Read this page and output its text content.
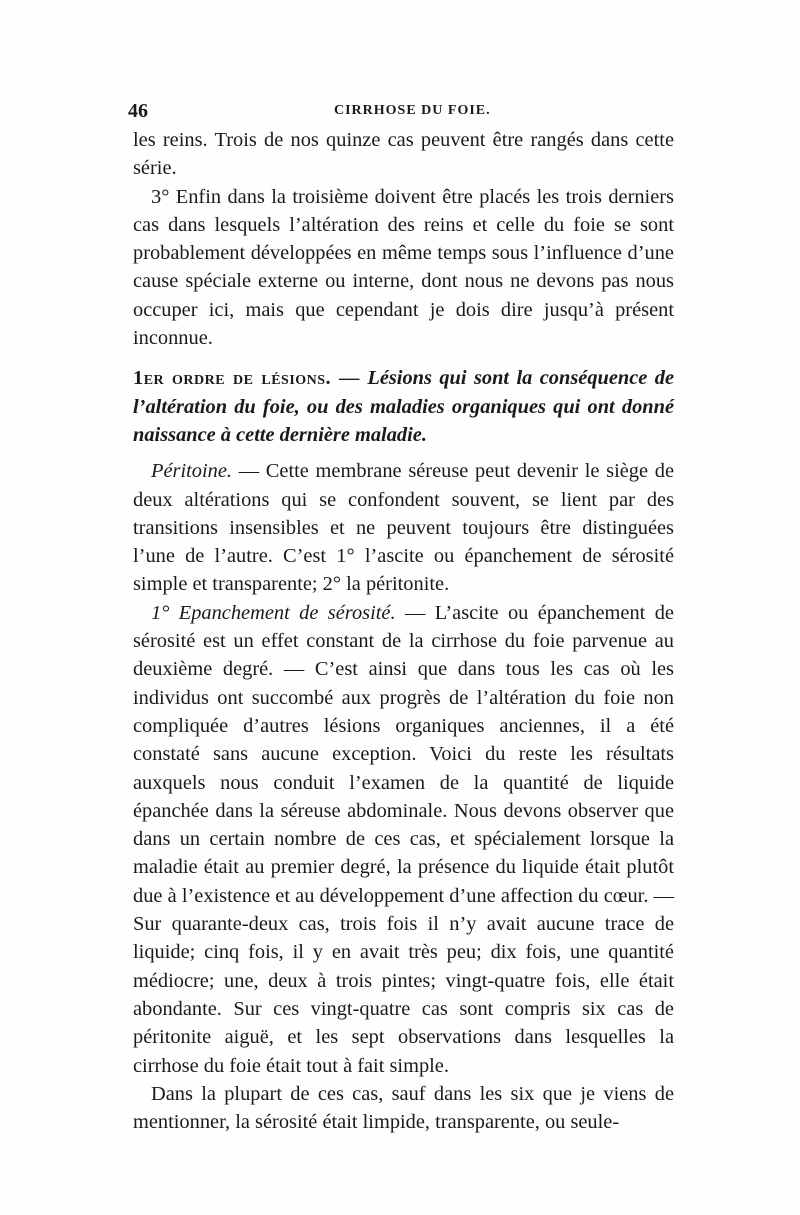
46	CIRRHOSE DU FOIE.

les reins. Trois de nos quinze cas peuvent être rangés dans cette série.

3° Enfin dans la troisième doivent être placés les trois derniers cas dans lesquels l’altération des reins et celle du foie se sont probablement développées en même temps sous l’influence d’une cause spéciale externe ou interne, dont nous ne devons pas nous occuper ici, mais que cependant je dois dire jusqu’à présent inconnue.

1er ordre de lésions. — Lésions qui sont la conséquence de l’altération du foie, ou des maladies organiques qui ont donné naissance à cette dernière maladie.

Péritoine. — Cette membrane séreuse peut devenir le siège de deux altérations qui se confondent souvent, se lient par des transitions insensibles et ne peuvent toujours être distinguées l’une de l’autre. C’est 1° l’ascite ou épanchement de sérosité simple et transparente; 2° la péritonite.

1° Epanchement de sérosité. — L’ascite ou épanchement de sérosité est un effet constant de la cirrhose du foie parvenue au deuxième degré. — C’est ainsi que dans tous les cas où les individus ont succombé aux progrès de l’altération du foie non compliquée d’autres lésions organiques anciennes, il a été constaté sans aucune exception. Voici du reste les résultats auxquels nous conduit l’examen de la quantité de liquide épanchée dans la séreuse abdominale. Nous devons observer que dans un certain nombre de ces cas, et spécialement lorsque la maladie était au premier degré, la présence du liquide était plutôt due à l’existence et au développement d’une affection du cœur. — Sur quarante-deux cas, trois fois il n’y avait aucune trace de liquide; cinq fois, il y en avait très peu; dix fois, une quantité médiocre; une, deux à trois pintes; vingt-quatre fois, elle était abondante. Sur ces vingt-quatre cas sont compris six cas de péritonite aiguë, et les sept observations dans lesquelles la cirrhose du foie était tout à fait simple.

Dans la plupart de ces cas, sauf dans les six que je viens de mentionner, la sérosité était limpide, transparente, ou seule-
